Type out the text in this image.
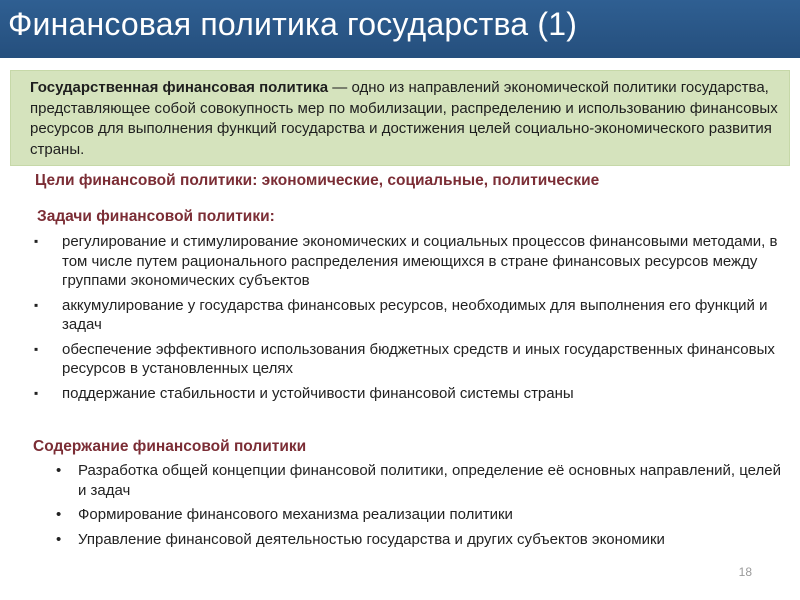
Финансовая политика государства (1)

Государственная финансовая политика — одно из направлений экономической политики государства, представляющее собой совокупность мер по мобилизации, распределению и использованию финансовых ресурсов для выполнения функций государства и достижения целей социально-экономического развития страны.

Цели финансовой политики: экономические, социальные, политические
Задачи финансовой политики:
▪ регулирование и стимулирование экономических и социальных процессов финансовыми методами, в том числе путем рационального распределения имеющихся в стране финансовых ресурсов между группами экономических субъектов
▪ аккумулирование у государства финансовых ресурсов, необходимых для выполнения его функций и задач
▪ обеспечение эффективного использования бюджетных средств и иных государственных финансовых ресурсов в установленных целях
▪ поддержание стабильности и устойчивости финансовой системы страны
Содержание финансовой политики
• Разработка общей концепции финансовой политики, определение её основных направлений, целей и задач
• Формирование финансового механизма реализации политики
• Управление финансовой деятельностью государства и других субъектов экономики
18
